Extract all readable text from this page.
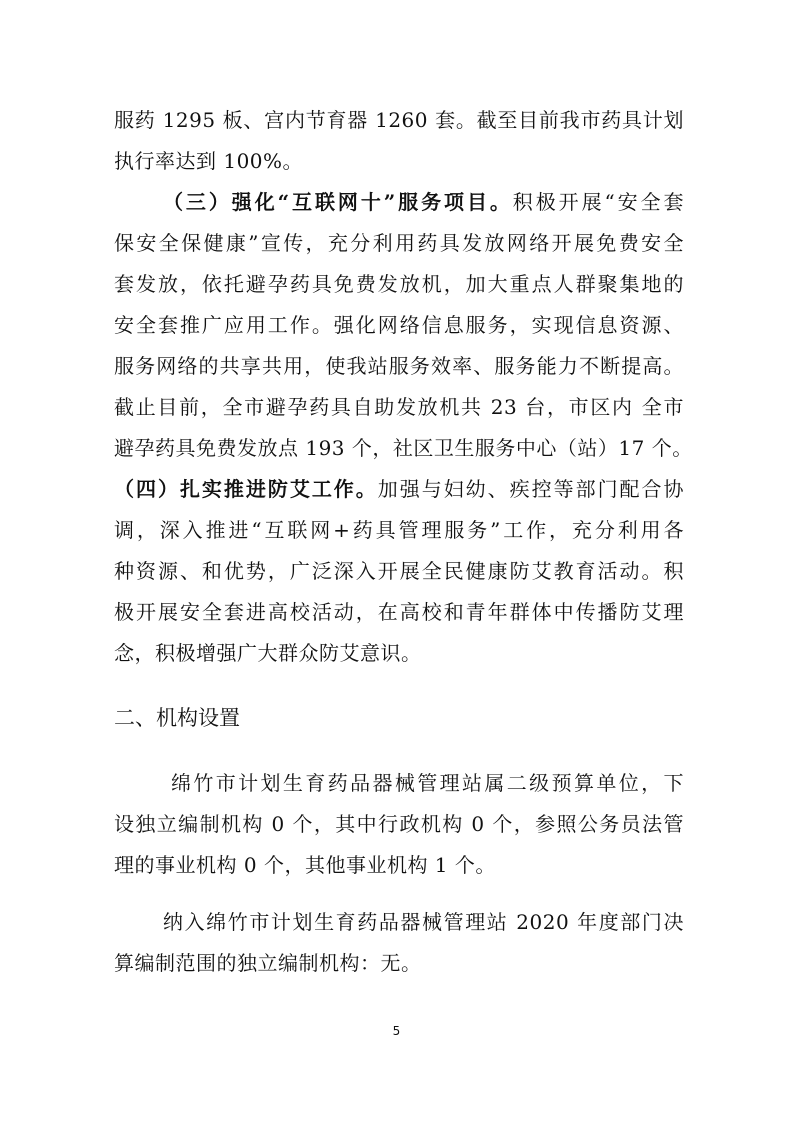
服药 1295 板、宫内节育器 1260 套。截至目前我市药具计划
执行率达到 100%。
（三）强化“互联网十”服务项目。积极开展“安全套
保安全保健康”宣传，充分利用药具发放网络开展免费安全
套发放，依托避孕药具免费发放机，加大重点人群聚集地的
安全套推广应用工作。强化网络信息服务，实现信息资源、
服务网络的共享共用，使我站服务效率、服务能力不断提高。
截止目前，全市避孕药具自助发放机共 23 台，市区内 全市
避孕药具免费发放点 193 个，社区卫生服务中心（站）17 个。
（四）扎实推进防艾工作。加强与妇幼、疾控等部门配合协
调，深入推进“互联网+药具管理服务”工作，充分利用各
种资源、和优势，广泛深入开展全民健康防艾教育活动。积
极开展安全套进高校活动，在高校和青年群体中传播防艾理
念，积极增强广大群众防艾意识。
二、机构设置
绵竹市计划生育药品器械管理站属二级预算单位，下
设独立编制机构 0 个，其中行政机构 0 个，参照公务员法管
理的事业机构 0 个，其他事业机构 1 个。
纳入绵竹市计划生育药品器械管理站 2020 年度部门决
算编制范围的独立编制机构：无。
5
